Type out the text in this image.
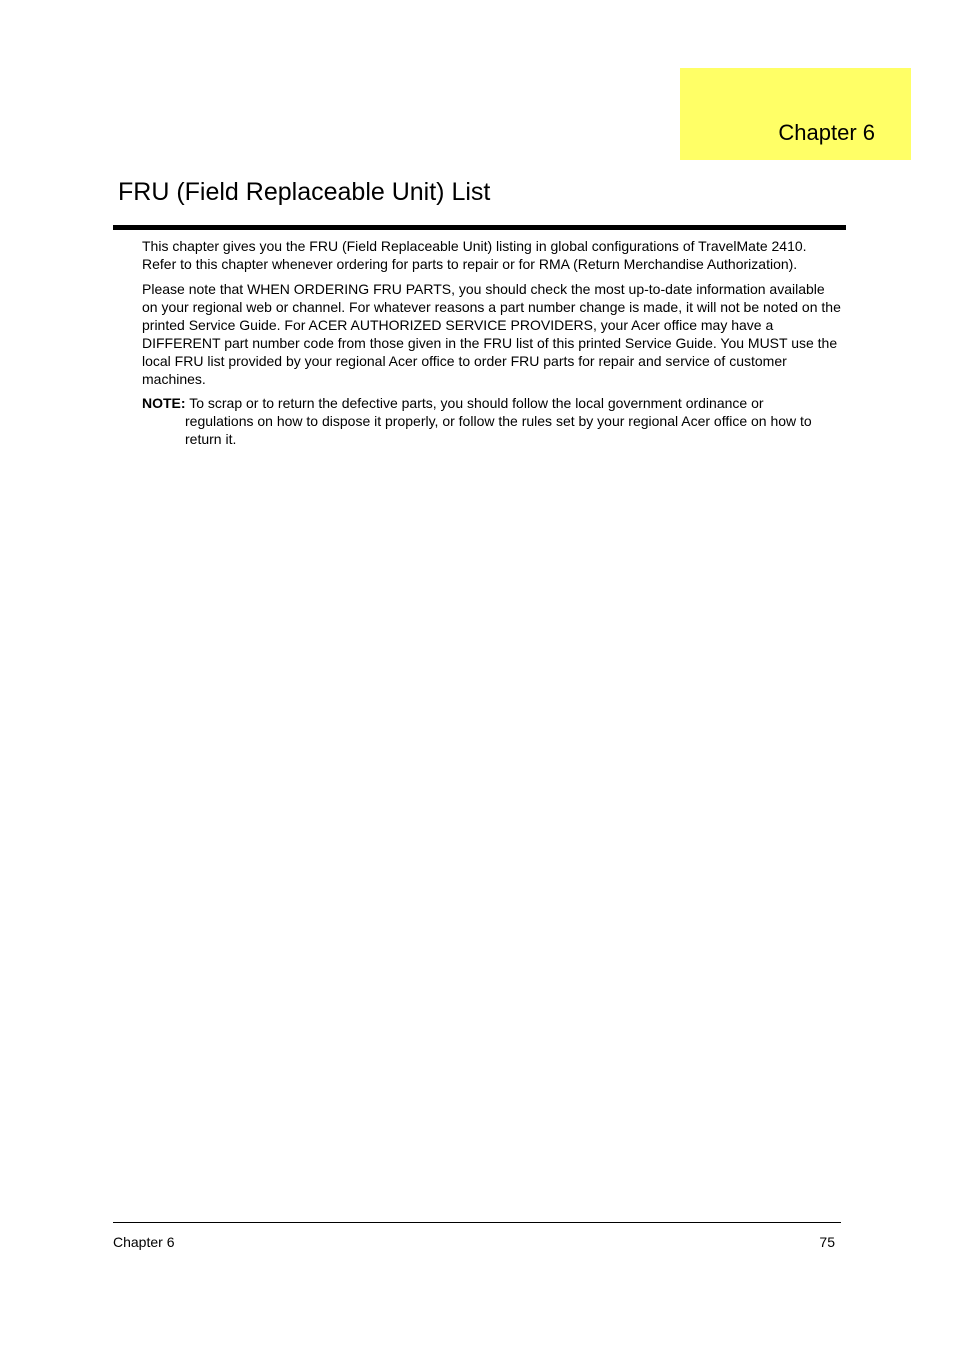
Chapter 6
FRU (Field Replaceable Unit) List

This chapter gives you the FRU (Field Replaceable Unit) listing in global configurations of TravelMate 2410. Refer to this chapter whenever ordering for parts to repair or for RMA (Return Merchandise Authorization).

Please note that WHEN ORDERING FRU PARTS, you should check the most up-to-date information available on your regional web or channel. For whatever reasons a part number change is made, it will not be noted on the printed Service Guide. For ACER AUTHORIZED SERVICE PROVIDERS, your Acer office may have a DIFFERENT part number code from those given in the FRU list of this printed Service Guide. You MUST use the local FRU list provided by your regional Acer office to order FRU parts for repair and service of customer machines.

NOTE: To scrap or to return the defective parts, you should follow the local government ordinance or
regulations on how to dispose it properly, or follow the rules set by your regional Acer office on how to return it.
Chapter 6	75
